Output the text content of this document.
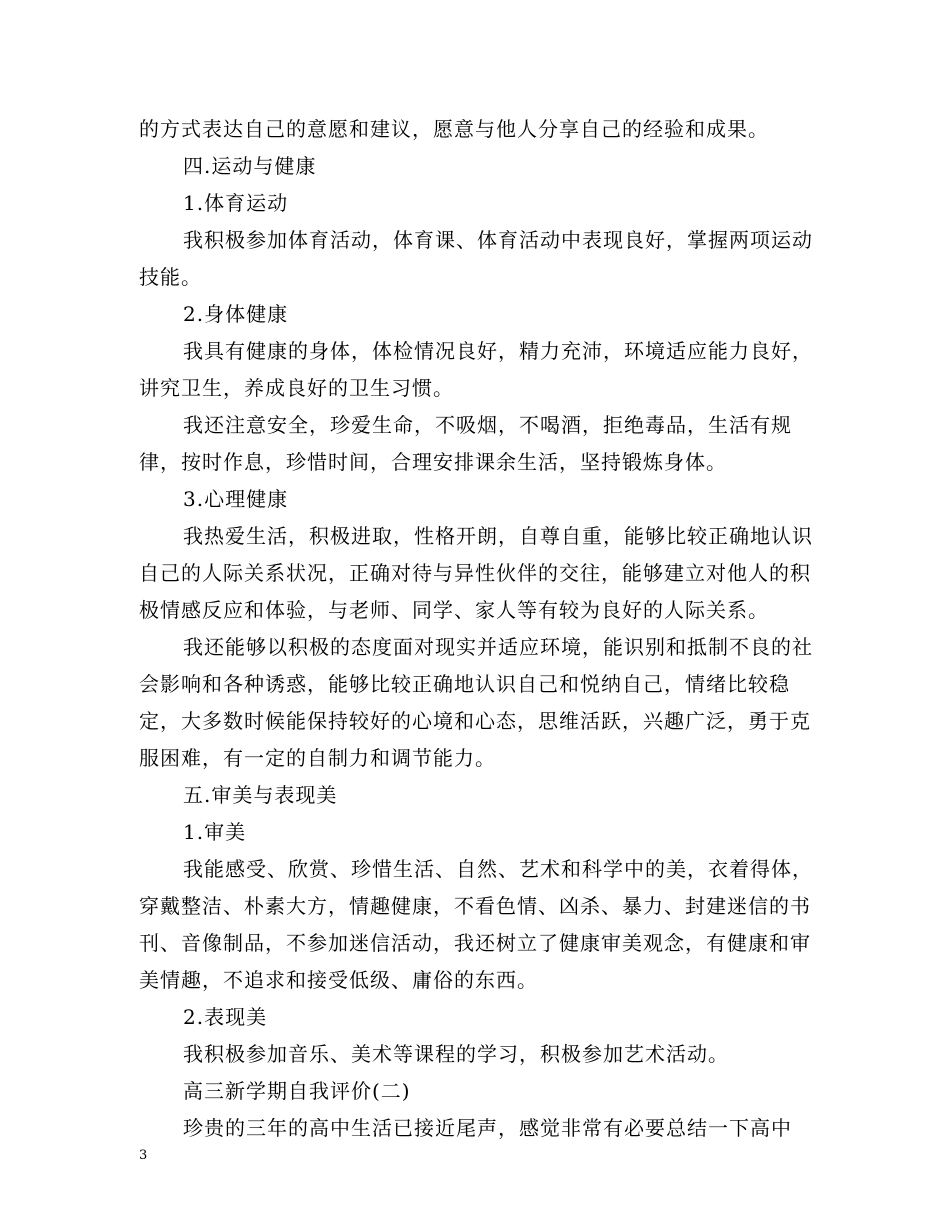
的方式表达自己的意愿和建议，愿意与他人分享自己的经验和成果。

四.运动与健康

1.体育运动

我积极参加体育活动，体育课、体育活动中表现良好，掌握两项运动技能。

2.身体健康

我具有健康的身体，体检情况良好，精力充沛，环境适应能力良好，讲究卫生，养成良好的卫生习惯。

我还注意安全，珍爱生命，不吸烟，不喝酒，拒绝毒品，生活有规律，按时作息，珍惜时间，合理安排课余生活，坚持锻炼身体。

3.心理健康

我热爱生活，积极进取，性格开朗，自尊自重，能够比较正确地认识自己的人际关系状况，正确对待与异性伙伴的交往，能够建立对他人的积极情感反应和体验，与老师、同学、家人等有较为良好的人际关系。

我还能够以积极的态度面对现实并适应环境，能识别和抵制不良的社会影响和各种诱惑，能够比较正确地认识自己和悦纳自己，情绪比较稳定，大多数时候能保持较好的心境和心态，思维活跃，兴趣广泛，勇于克服困难，有一定的自制力和调节能力。

五.审美与表现美

1.审美

我能感受、欣赏、珍惜生活、自然、艺术和科学中的美，衣着得体，穿戴整洁、朴素大方，情趣健康，不看色情、凶杀、暴力、封建迷信的书刊、音像制品，不参加迷信活动，我还树立了健康审美观念，有健康和审美情趣，不追求和接受低级、庸俗的东西。

2.表现美

我积极参加音乐、美术等课程的学习，积极参加艺术活动。

高三新学期自我评价(二)

珍贵的三年的高中生活已接近尾声，感觉非常有必要总结一下高中

3
